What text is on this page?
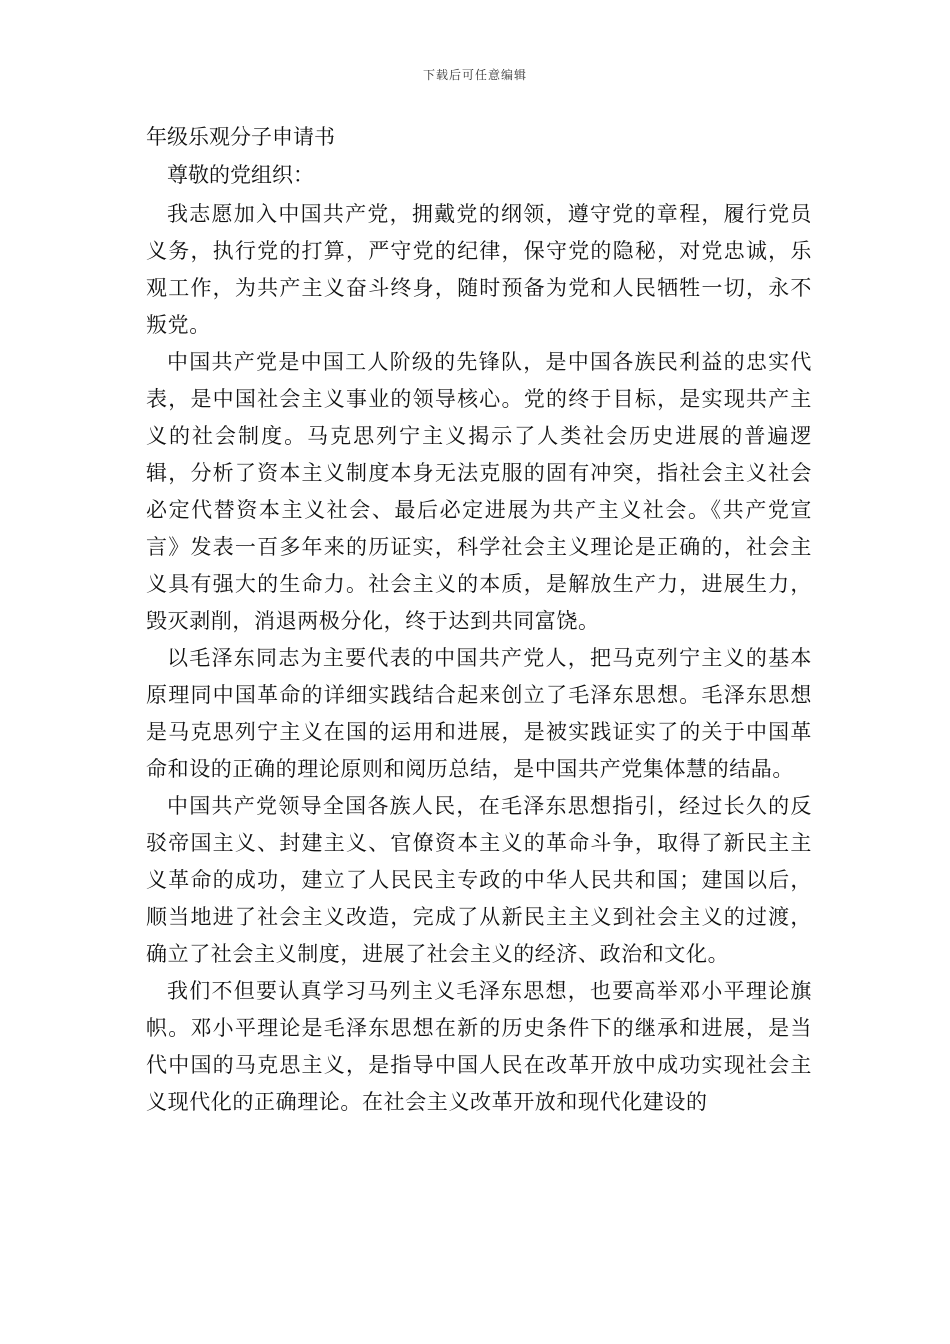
下载后可任意编辑
年级乐观分子申请书

尊敬的党组织：

我志愿加入中国共产党，拥戴党的纲领，遵守党的章程，履行党员义务，执行党的打算，严守党的纪律，保守党的隐秘，对党忠诚，乐观工作，为共产主义奋斗终身，随时预备为党和人民牺牲一切，永不叛党。

中国共产党是中国工人阶级的先锋队，是中国各族民利益的忠实代表，是中国社会主义事业的领导核心。党的终于目标，是实现共产主义的社会制度。马克思列宁主义揭示了人类社会历史进展的普遍逻辑，分析了资本主义制度本身无法克服的固有冲突，指社会主义社会必定代替资本主义社会、最后必定进展为共产主义社会。《共产党宣言》发表一百多年来的历证实，科学社会主义理论是正确的，社会主义具有强大的生命力。社会主义的本质，是解放生产力，进展生力，毁灭剥削，消退两极分化，终于达到共同富饶。

以毛泽东同志为主要代表的中国共产党人，把马克列宁主义的基本原理同中国革命的详细实践结合起来创立了毛泽东思想。毛泽东思想是马克思列宁主义在国的运用和进展，是被实践证实了的关于中国革命和设的正确的理论原则和阅历总结，是中国共产党集体慧的结晶。

中国共产党领导全国各族人民，在毛泽东思想指引，经过长久的反驳帝国主义、封建主义、官僚资本主义的革命斗争，取得了新民主主义革命的成功，建立了人民民主专政的中华人民共和国；建国以后，顺当地进了社会主义改造，完成了从新民主主义到社会主义的过渡，确立了社会主义制度，进展了社会主义的经济、政治和文化。

我们不但要认真学习马列主义毛泽东思想，也要高举邓小平理论旗帜。邓小平理论是毛泽东思想在新的历史条件下的继承和进展，是当代中国的马克思主义，是指导中国人民在改革开放中成功实现社会主义现代化的正确理论。在社会主义改革开放和现代化建设的
